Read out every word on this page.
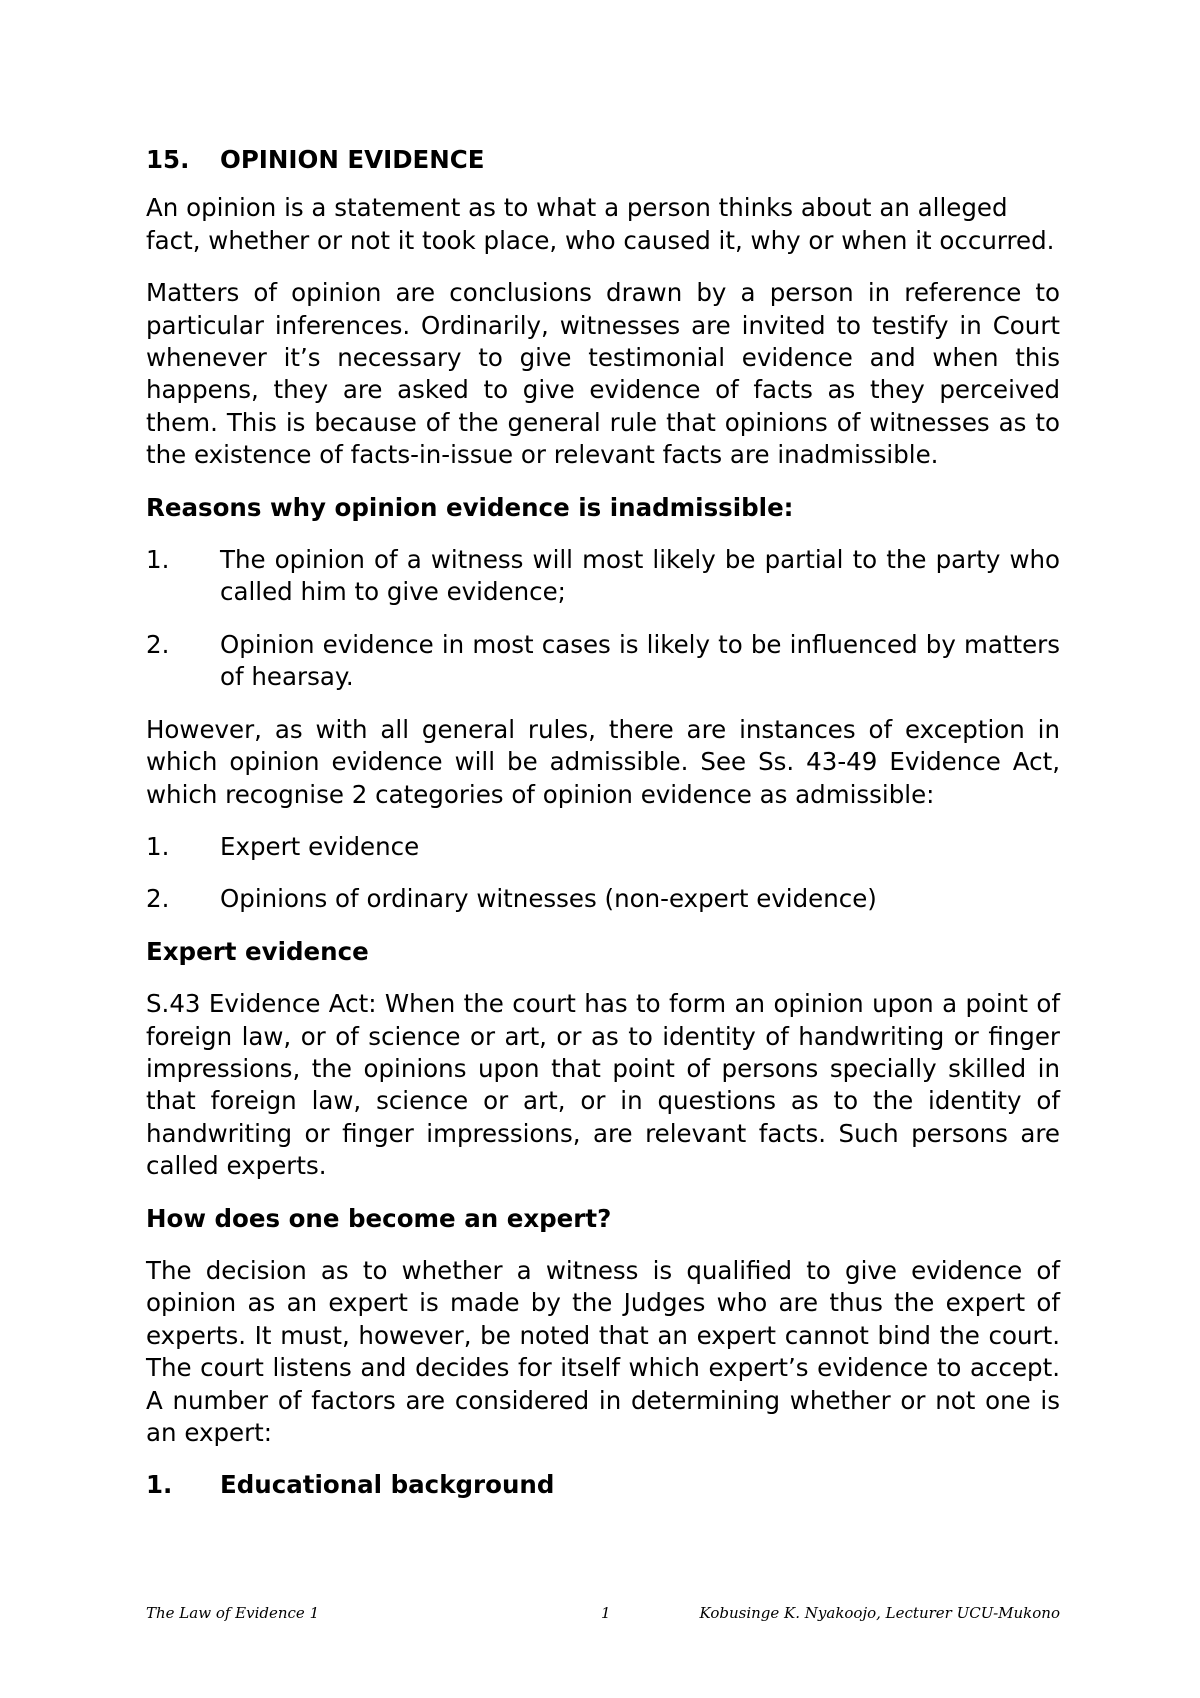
15.	OPINION EVIDENCE

An opinion is a statement as to what a person thinks about an alleged fact, whether or not it took place, who caused it, why or when it occurred.

Matters of opinion are conclusions drawn by a person in reference to particular inferences. Ordinarily, witnesses are invited to testify in Court whenever it’s necessary to give testimonial evidence and when this happens, they are asked to give evidence of facts as they perceived them. This is because of the general rule that opinions of witnesses as to the existence of facts-in-issue or relevant facts are inadmissible.

Reasons why opinion evidence is inadmissible:
1.	The opinion of a witness will most likely be partial to the party who called him to give evidence;
2.	Opinion evidence in most cases is likely to be influenced by matters of hearsay.

However, as with all general rules, there are instances of exception in which opinion evidence will be admissible. See Ss. 43-49 Evidence Act, which recognise 2 categories of opinion evidence as admissible:

1.	Expert evidence
2.	Opinions of ordinary witnesses (non-expert evidence)
Expert evidence

S.43 Evidence Act: When the court has to form an opinion upon a point of foreign law, or of science or art, or as to identity of handwriting or finger impressions, the opinions upon that point of persons specially skilled in that foreign law, science or art, or in questions as to the identity of handwriting or finger impressions, are relevant facts. Such persons are called experts.

How does one become an expert?

The decision as to whether a witness is qualified to give evidence of opinion as an expert is made by the Judges who are thus the expert of experts. It must, however, be noted that an expert cannot bind the court. The court listens and decides for itself which expert’s evidence to accept. A number of factors are considered in determining whether or not one is an expert:

1.	Educational background
The Law of Evidence 1	1	Kobusinge K. Nyakoojo, Lecturer UCU-Mukono
